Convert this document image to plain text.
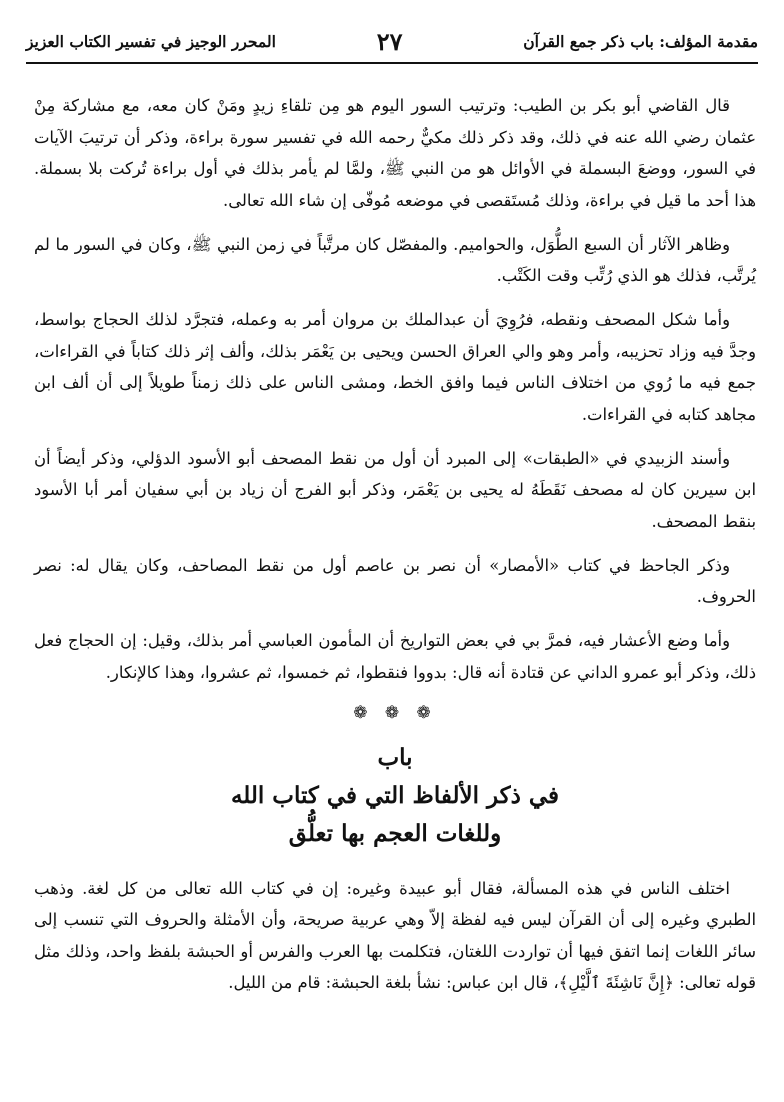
مقدمة المؤلف: باب ذكر جمع القرآن
٢٧
المحرر الوجيز في تفسير الكتاب العزيز

قال القاضي أبو بكر بن الطيب: وترتيب السور اليوم هو مِن تلقاءِ زيدٍ ومَنْ كان معه، مع مشاركة مِنْ عثمان رضي الله عنه في ذلك، وقد ذكر ذلك مكيٌّ رحمه الله في تفسير سورة براءة، وذكر أن ترتيبَ الآيات في السور، ووضعَ البسملة في الأوائل هو من النبي ﷺ، ولمَّا لم يأمر بذلك في أول براءة تُركت بلا بسملة. هذا أحد ما قيل في براءة، وذلك مُستَقصى في موضعه مُوفّى إن شاء الله تعالى.

وظاهر الآثار أن السبع الطُّوَل، والحواميم. والمفصّل كان مرتَّباً في زمن النبي ﷺ، وكان في السور ما لم يُرتَّب، فذلك هو الذي رُتِّب وقت الكَتْب.

وأما شكل المصحف ونقطه، فرُوِيَ أن عبدالملك بن مروان أمر به وعمله، فتجرَّد لذلك الحجاج بواسط، وجدَّ فيه وزاد تحزيبه، وأمر وهو والي العراق الحسن ويحيى بن يَعْمَر بذلك، وألف إثر ذلك كتاباً في القراءات، جمع فيه ما رُوي من اختلاف الناس فيما وافق الخط، ومشى الناس على ذلك زمناً طويلاً إلى أن ألف ابن مجاهد كتابه في القراءات.

وأسند الزبيدي في «الطبقات» إلى المبرد أن أول من نقط المصحف أبو الأسود الدؤلي، وذكر أيضاً أن ابن سيرين كان له مصحف نَقَطَهُ له يحيى بن يَعْمَر، وذكر أبو الفرج أن زياد بن أبي سفيان أمر أبا الأسود بنقط المصحف.

وذكر الجاحظ في كتاب «الأمصار» أن نصر بن عاصم أول من نقط المصاحف، وكان يقال له: نصر الحروف.

وأما وضع الأعشار فيه، فمرَّ بي في بعض التواريخ أن المأمون العباسي أمر بذلك، وقيل: إن الحجاج فعل ذلك، وذكر أبو عمرو الداني عن قتادة أنه قال: بدووا فنقطوا، ثم خمسوا، ثم عشروا، وهذا كالإنكار.

❁ ❁ ❁
باب
في ذكر الألفاظ التي في كتاب الله
وللغات العجم بها تعلُّق

اختلف الناس في هذه المسألة، فقال أبو عبيدة وغيره: إن في كتاب الله تعالى من كل لغة. وذهب الطبري وغيره إلى أن القرآن ليس فيه لفظة إلاّ وهي عربية صريحة، وأن الأمثلة والحروف التي تنسب إلى سائر اللغات إنما اتفق فيها أن تواردت اللغتان، فتكلمت بها العرب والفرس أو الحبشة بلفظ واحد، وذلك مثل قوله تعالى: ﴿إِنَّ نَاشِئَةَ ٱلَّيْلِ﴾، قال ابن عباس: نشأ بلغة الحبشة: قام من الليل.
